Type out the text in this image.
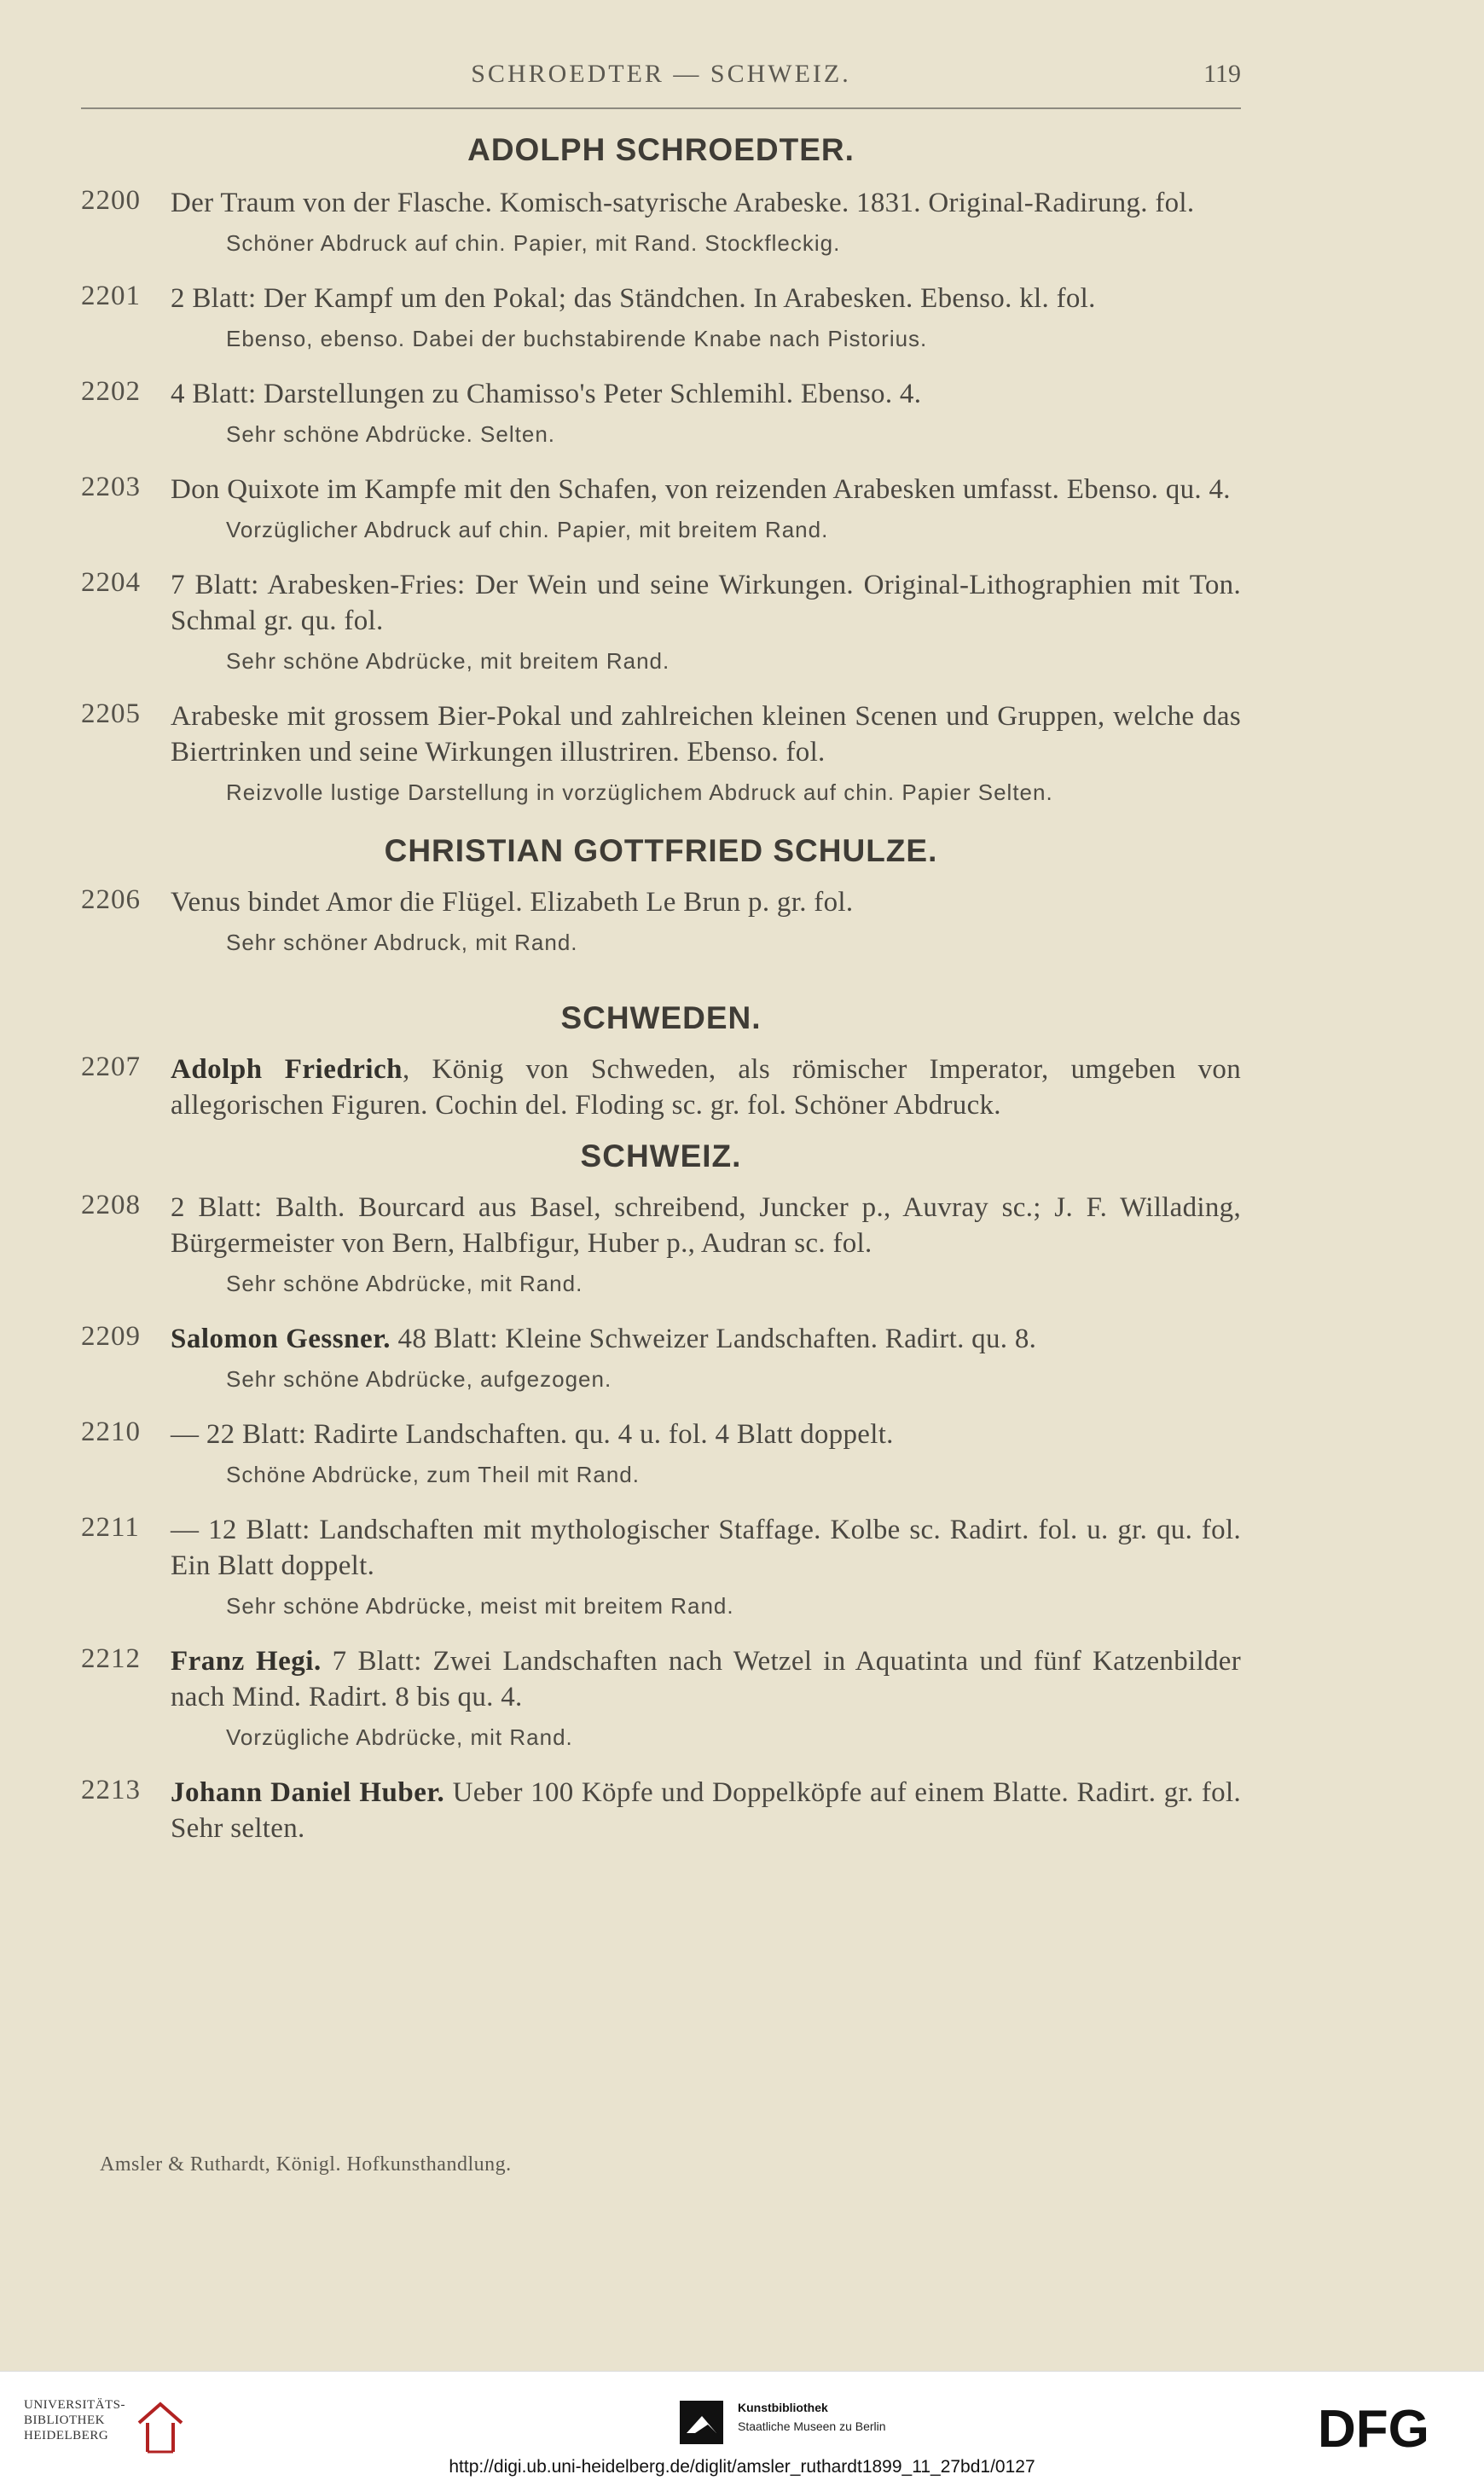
SCHROEDTER — SCHWEIZ.	119
ADOLPH SCHROEDTER.
2200 Der Traum von der Flasche. Komisch-satyrische Arabeske. 1831. Original-Radirung. fol.
Schöner Abdruck auf chin. Papier, mit Rand. Stockfleckig.
2201 2 Blatt: Der Kampf um den Pokal; das Ständchen. In Arabesken. Ebenso. kl. fol.
Ebenso, ebenso. Dabei der buchstabirende Knabe nach Pistorius.
2202 4 Blatt: Darstellungen zu Chamisso's Peter Schlemihl. Ebenso. 4.
Sehr schöne Abdrücke. Selten.
2203 Don Quixote im Kampfe mit den Schafen, von reizenden Arabesken umfasst. Ebenso. qu. 4.
Vorzüglicher Abdruck auf chin. Papier, mit breitem Rand.
2204 7 Blatt: Arabesken-Fries: Der Wein und seine Wirkungen. Original-Lithographien mit Ton. Schmal gr. qu. fol.
Sehr schöne Abdrücke, mit breitem Rand.
2205 Arabeske mit grossem Bier-Pokal und zahlreichen kleinen Scenen und Gruppen, welche das Biertrinken und seine Wirkungen illustriren. Ebenso. fol.
Reizvolle lustige Darstellung in vorzüglichem Abdruck auf chin. Papier Selten.
CHRISTIAN GOTTFRIED SCHULZE.
2206 Venus bindet Amor die Flügel. Elizabeth Le Brun p. gr. fol.
Sehr schöner Abdruck, mit Rand.
SCHWEDEN.
2207 Adolph Friedrich, König von Schweden, als römischer Imperator, umgeben von allegorischen Figuren. Cochin del. Floding sc. gr. fol. Schöner Abdruck.
SCHWEIZ.
2208 2 Blatt: Balth. Bourcard aus Basel, schreibend, Juncker p., Auvray sc.; J. F. Willading, Bürgermeister von Bern, Halbfigur, Huber p., Audran sc. fol.
Sehr schöne Abdrücke, mit Rand.
2209 Salomon Gessner. 48 Blatt: Kleine Schweizer Landschaften. Radirt. qu. 8.
Sehr schöne Abdrücke, aufgezogen.
2210 — 22 Blatt: Radirte Landschaften. qu. 4 u. fol. 4 Blatt doppelt.
Schöne Abdrücke, zum Theil mit Rand.
2211 — 12 Blatt: Landschaften mit mythologischer Staffage. Kolbe sc. Radirt. fol. u. gr. qu. fol. Ein Blatt doppelt.
Sehr schöne Abdrücke, meist mit breitem Rand.
2212 Franz Hegi. 7 Blatt: Zwei Landschaften nach Wetzel in Aquatinta und fünf Katzenbilder nach Mind. Radirt. 8 bis qu. 4.
Vorzügliche Abdrücke, mit Rand.
2213 Johann Daniel Huber. Ueber 100 Köpfe und Doppelköpfe auf einem Blatte. Radirt. gr. fol. Sehr selten.
Amsler & Ruthardt, Königl. Hofkunsthandlung.
UNIVERSITÄTS-
BIBLIOTHEK
HEIDELBERG
Kunstbibliothek
Staatliche Museen zu Berlin	DFG
http://digi.ub.uni-heidelberg.de/diglit/amsler_ruthardt1899_11_27bd1/0127
